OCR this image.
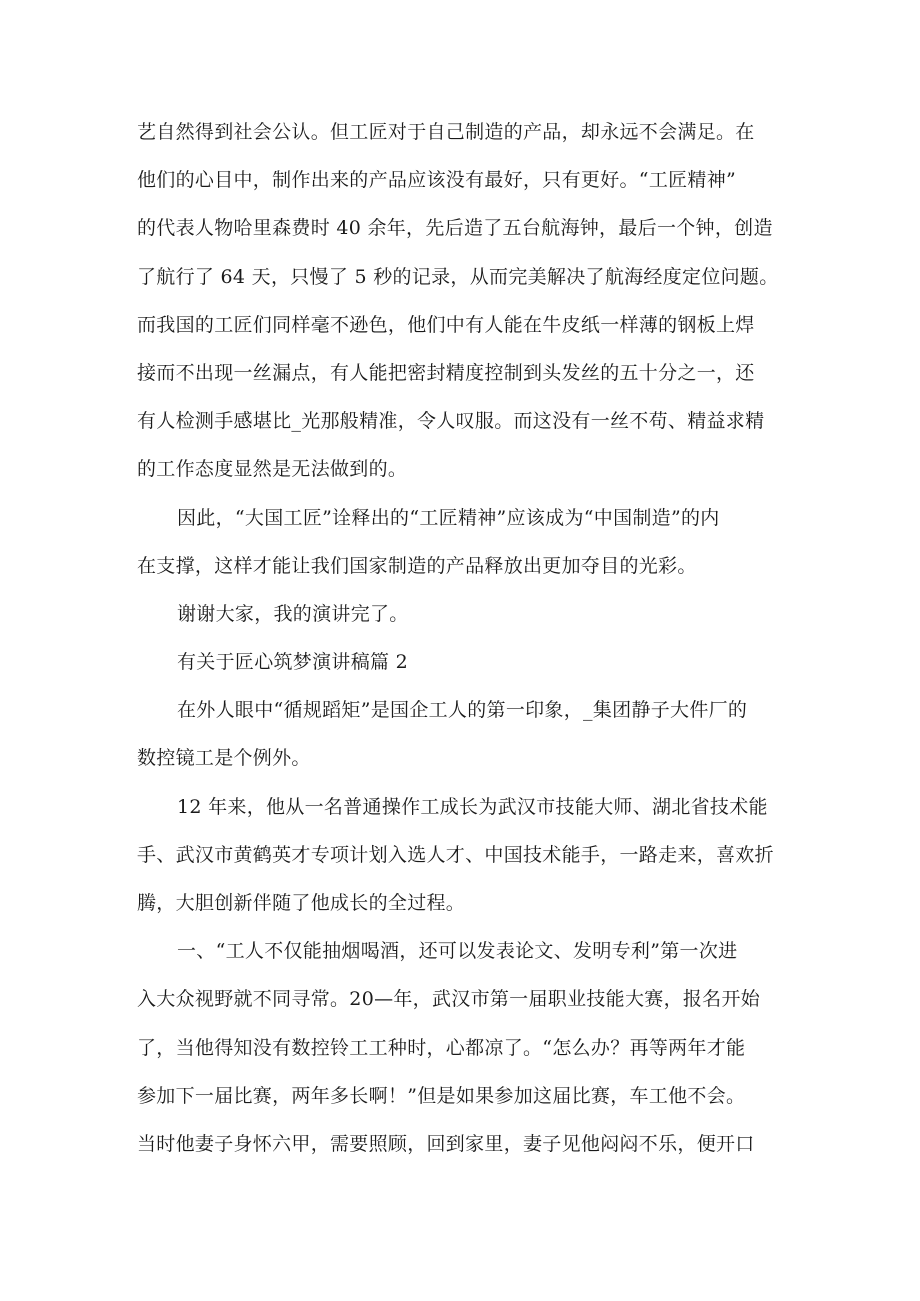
艺自然得到社会公认。但工匠对于自己制造的产品，却永远不会满足。在
他们的心目中，制作出来的产品应该没有最好，只有更好。“工匠精神”
的代表人物哈里森费时 40 余年，先后造了五台航海钟，最后一个钟，创造
了航行了 64 天，只慢了 5 秒的记录，从而完美解决了航海经度定位问题。
而我国的工匠们同样毫不逊色，他们中有人能在牛皮纸一样薄的钢板上焊
接而不出现一丝漏点，有人能把密封精度控制到头发丝的五十分之一，还
有人检测手感堪比_光那般精准，令人叹服。而这没有一丝不苟、精益求精
的工作态度显然是无法做到的。
因此，“大国工匠”诠释出的“工匠精神”应该成为“中国制造”的内
在支撑，这样才能让我们国家制造的产品释放出更加夺目的光彩。
谢谢大家，我的演讲完了。
有关于匠心筑梦演讲稿篇 2
在外人眼中“循规蹈矩”是国企工人的第一印象，_集团静子大件厂的
数控镜工是个例外。
12 年来，他从一名普通操作工成长为武汉市技能大师、湖北省技术能
手、武汉市黄鹤英才专项计划入选人才、中国技术能手，一路走来，喜欢折
腾，大胆创新伴随了他成长的全过程。
一、“工人不仅能抽烟喝酒，还可以发表论文、发明专利”第一次进
入大众视野就不同寻常。20—年，武汉市第一届职业技能大赛，报名开始
了，当他得知没有数控铃工工种时，心都凉了。“怎么办？再等两年才能
参加下一届比赛，两年多长啊！”但是如果参加这届比赛，车工他不会。
当时他妻子身怀六甲，需要照顾，回到家里，妻子见他闷闷不乐，便开口
